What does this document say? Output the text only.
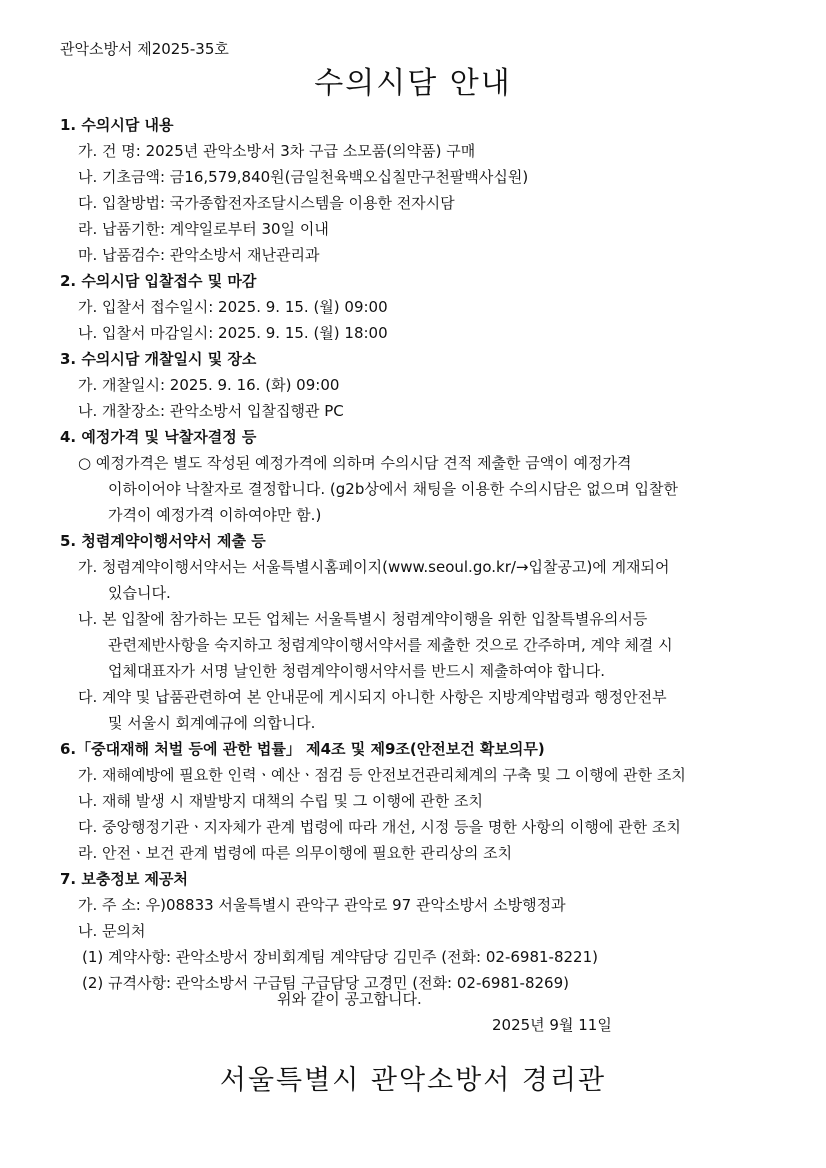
관악소방서 제2025-35호
수의시담 안내
1. 수의시담 내용
가. 건 명: 2025년 관악소방서 3차 구급 소모품(의약품) 구매
나. 기초금액: 금16,579,840원(금일천육백오십칠만구천팔백사십원)
다. 입찰방법: 국가종합전자조달시스템을 이용한 전자시담
라. 납품기한: 계약일로부터 30일 이내
마. 납품검수: 관악소방서 재난관리과
2. 수의시담 입찰접수 및 마감
가. 입찰서 접수일시: 2025. 9. 15. (월) 09:00
나. 입찰서 마감일시: 2025. 9. 15. (월) 18:00
3. 수의시담 개찰일시 및 장소
가. 개찰일시: 2025. 9. 16. (화) 09:00
나. 개찰장소: 관악소방서 입찰집행관 PC
4. 예정가격 및 낙찰자결정 등
○ 예정가격은 별도 작성된 예정가격에 의하며 수의시담 견적 제출한 금액이 예정가격
이하이어야 낙찰자로 결정합니다. (g2b상에서 채팅을 이용한 수의시담은 없으며 입찰한
가격이 예정가격 이하여야만 함.)
5. 청렴계약이행서약서 제출 등
가. 청렴계약이행서약서는 서울특별시홈페이지(www.seoul.go.kr/→입찰공고)에 게재되어
있습니다.
나. 본 입찰에 참가하는 모든 업체는 서울특별시 청렴계약이행을 위한 입찰특별유의서등
관련제반사항을 숙지하고 청렴계약이행서약서를 제출한 것으로 간주하며, 계약 체결 시
업체대표자가 서명 날인한 청렴계약이행서약서를 반드시 제출하여야 합니다.
다. 계약 및 납품관련하여 본 안내문에 게시되지 아니한 사항은 지방계약법령과 행정안전부
및 서울시 회계예규에 의합니다.
6.「중대재해 처벌 등에 관한 법률」 제4조 및 제9조(안전보건 확보의무)
가. 재해예방에 필요한 인력ㆍ예산ㆍ점검 등 안전보건관리체계의 구축 및 그 이행에 관한 조치
나. 재해 발생 시 재발방지 대책의 수립 및 그 이행에 관한 조치
다. 중앙행정기관ㆍ지자체가 관계 법령에 따라 개선, 시정 등을 명한 사항의 이행에 관한 조치
라. 안전ㆍ보건 관계 법령에 따른 의무이행에 필요한 관리상의 조치
7. 보충정보 제공처
가. 주 소: 우)08833 서울특별시 관악구 관악로 97 관악소방서 소방행정과
나. 문의처
(1) 계약사항: 관악소방서 장비회계팀 계약담당 김민주 (전화: 02-6981-8221)
(2) 규격사항: 관악소방서 구급팀 구급담당 고경민 (전화: 02-6981-8269)
위와 같이 공고합니다.
2025년 9월 11일
서울특별시 관악소방서 경리관
